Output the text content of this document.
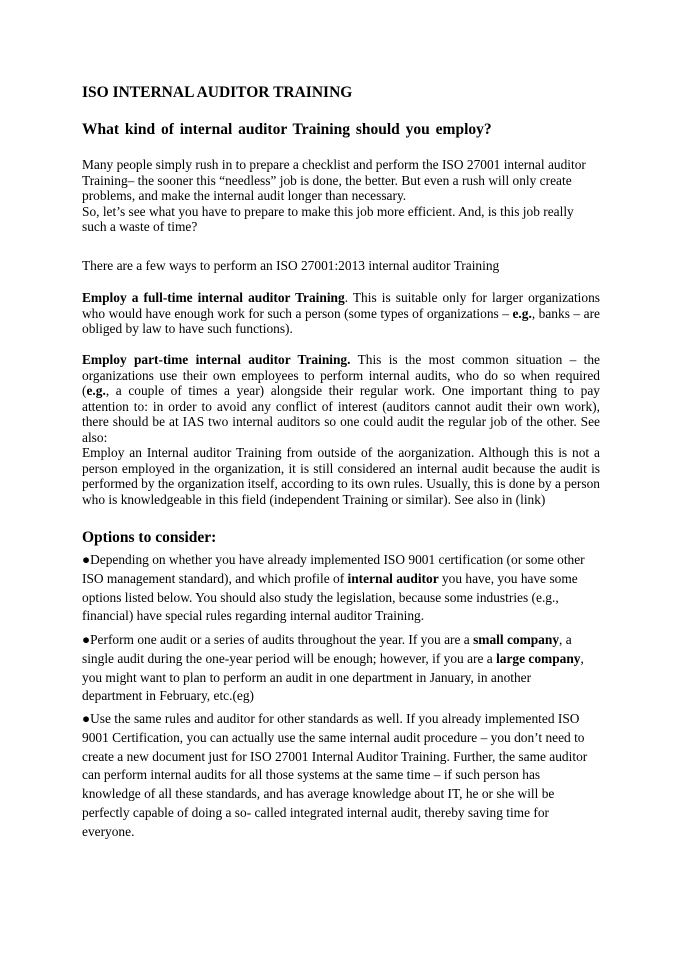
ISO INTERNAL AUDITOR TRAINING
What kind of internal auditor Training should you employ?

Many people simply rush in to prepare a checklist and perform the ISO 27001 internal auditor Training– the sooner this “needless” job is done, the better. But even a rush will only create problems, and make the internal audit longer than necessary.

So, let’s see what you have to prepare to make this job more efficient. And, is this job really such a waste of time?

There are a few ways to perform an ISO 27001:2013 internal auditor Training

Employ a full-time internal auditor Training. This is suitable only for larger organizations who would have enough work for such a person (some types of organizations – e.g., banks – are obliged by law to have such functions).

Employ part-time internal auditor Training. This is the most common situation – the organizations use their own employees to perform internal audits, who do so when required (e.g., a couple of times a year) alongside their regular work. One important thing to pay attention to: in order to avoid any conflict of interest (auditors cannot audit their own work), there should be at IAS two internal auditors so one could audit the regular job of the other. See also:

Employ an Internal auditor Training from outside of the aorganization. Although this is not a person employed in the organization, it is still considered an internal audit because the audit is performed by the organization itself, according to its own rules. Usually, this is done by a person who is knowledgeable in this field (independent Training or similar). See also in (link)

Options to consider:

●Depending on whether you have already implemented ISO 9001 certification (or some other ISO management standard), and which profile of internal auditor you have, you have some options listed below. You should also study the legislation, because some industries (e.g., financial) have special rules regarding internal auditor Training.

●Perform one audit or a series of audits throughout the year. If you are a small company, a single audit during the one-year period will be enough; however, if you are a large company, you might want to plan to perform an audit in one department in January, in another department in February, etc.(eg)

●Use the same rules and auditor for other standards as well. If you already implemented ISO 9001 Certification, you can actually use the same internal audit procedure – you don’t need to create a new document just for ISO 27001 Internal Auditor Training. Further, the same auditor can perform internal audits for all those systems at the same time – if such person has knowledge of all these standards, and has average knowledge about IT, he or she will be perfectly capable of doing a so- called integrated internal audit, thereby saving time for everyone.
